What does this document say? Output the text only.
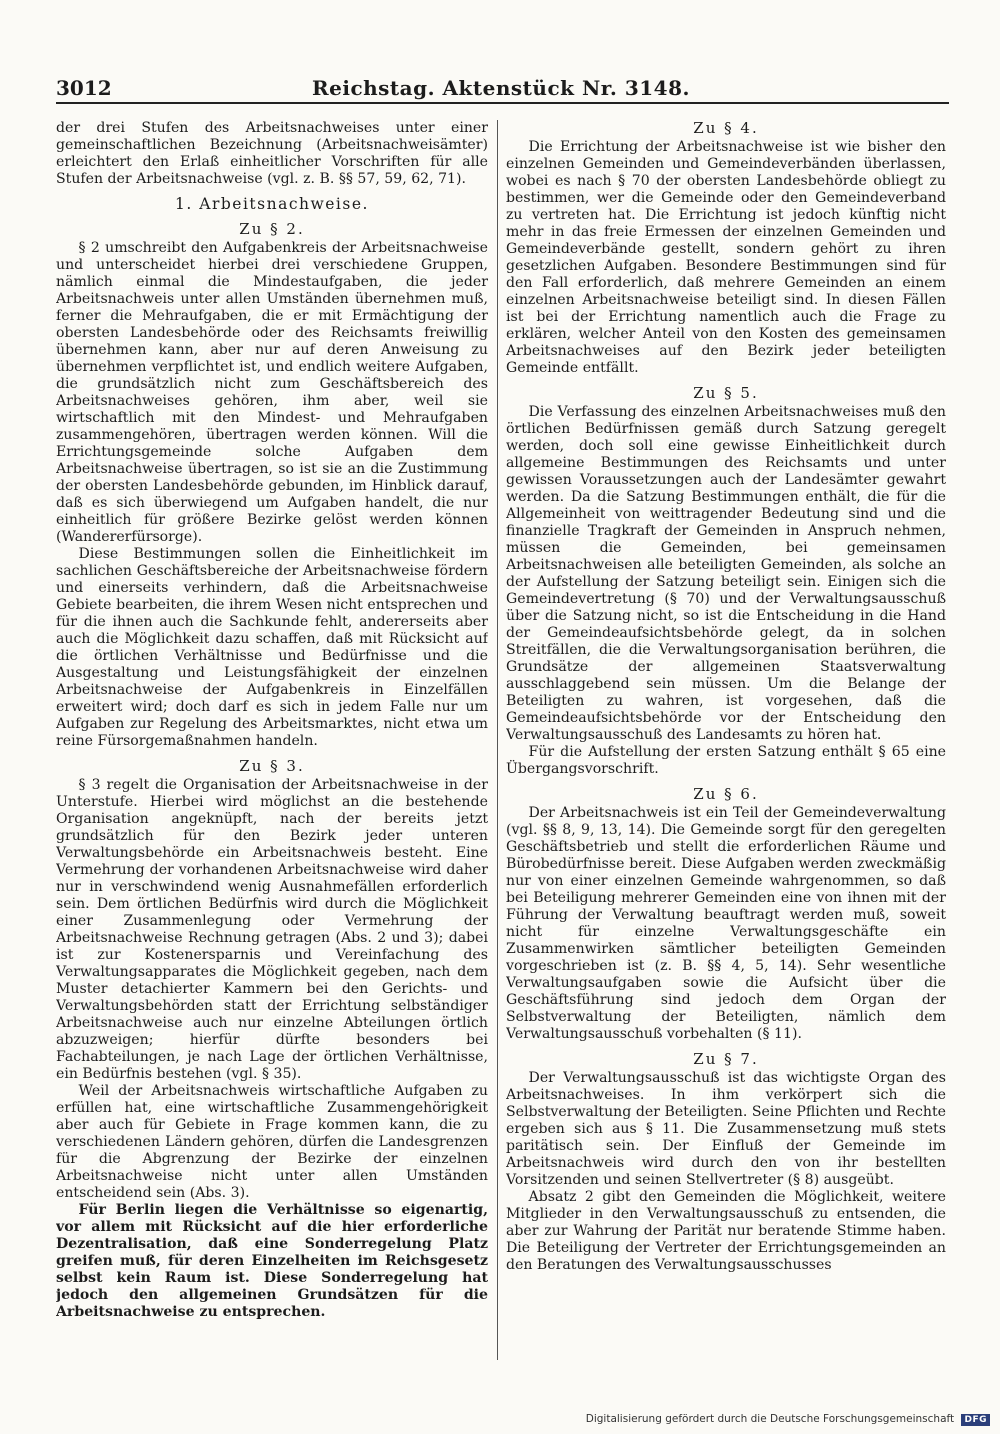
3012	Reichstag. Aktenstück Nr. 3148.

der drei Stufen des Arbeitsnachweises unter einer gemeinschaftlichen Bezeichnung (Arbeitsnachweisämter) erleichtert den Erlaß einheitlicher Vorschriften für alle Stufen der Arbeitsnachweise (vgl. z. B. §§ 57, 59, 62, 71).

1. Arbeitsnachweise.
Zu § 2.

§ 2 umschreibt den Aufgabenkreis der Arbeitsnachweise und unterscheidet hierbei drei verschiedene Gruppen, nämlich einmal die Mindestaufgaben, die jeder Arbeitsnachweis unter allen Umständen übernehmen muß, ferner die Mehraufgaben, die er mit Ermächtigung der obersten Landesbehörde oder des Reichsamts freiwillig übernehmen kann, aber nur auf deren Anweisung zu übernehmen verpflichtet ist, und endlich weitere Aufgaben, die grundsätzlich nicht zum Geschäftsbereich des Arbeitsnachweises gehören, ihm aber, weil sie wirtschaftlich mit den Mindest- und Mehraufgaben zusammengehören, übertragen werden können. Will die Errichtungsgemeinde solche Aufgaben dem Arbeitsnachweise übertragen, so ist sie an die Zustimmung der obersten Landesbehörde gebunden, im Hinblick darauf, daß es sich überwiegend um Aufgaben handelt, die nur einheitlich für größere Bezirke gelöst werden können (Wandererfürsorge).

Diese Bestimmungen sollen die Einheitlichkeit im sachlichen Geschäftsbereiche der Arbeitsnachweise fördern und einerseits verhindern, daß die Arbeitsnachweise Gebiete bearbeiten, die ihrem Wesen nicht entsprechen und für die ihnen auch die Sachkunde fehlt, andererseits aber auch die Möglichkeit dazu schaffen, daß mit Rücksicht auf die örtlichen Verhältnisse und Bedürfnisse und die Ausgestaltung und Leistungsfähigkeit der einzelnen Arbeitsnachweise der Aufgabenkreis in Einzelfällen erweitert wird; doch darf es sich in jedem Falle nur um Aufgaben zur Regelung des Arbeitsmarktes, nicht etwa um reine Fürsorgemaßnahmen handeln.

Zu § 3.

§ 3 regelt die Organisation der Arbeitsnachweise in der Unterstufe. Hierbei wird möglichst an die bestehende Organisation angeknüpft, nach der bereits jetzt grundsätzlich für den Bezirk jeder unteren Verwaltungsbehörde ein Arbeitsnachweis besteht. Eine Vermehrung der vorhandenen Arbeitsnachweise wird daher nur in verschwindend wenig Ausnahmefällen erforderlich sein. Dem örtlichen Bedürfnis wird durch die Möglichkeit einer Zusammenlegung oder Vermehrung der Arbeitsnachweise Rechnung getragen (Abs. 2 und 3); dabei ist zur Kostenersparnis und Vereinfachung des Verwaltungsapparates die Möglichkeit gegeben, nach dem Muster detachierter Kammern bei den Gerichts- und Verwaltungsbehörden statt der Errichtung selbständiger Arbeitsnachweise auch nur einzelne Abteilungen örtlich abzuzweigen; hierfür dürfte besonders bei Fachabteilungen, je nach Lage der örtlichen Verhältnisse, ein Bedürfnis bestehen (vgl. § 35).

Weil der Arbeitsnachweis wirtschaftliche Aufgaben zu erfüllen hat, eine wirtschaftliche Zusammengehörigkeit aber auch für Gebiete in Frage kommen kann, die zu verschiedenen Ländern gehören, dürfen die Landesgrenzen für die Abgrenzung der Bezirke der einzelnen Arbeitsnachweise nicht unter allen Umständen entscheidend sein (Abs. 3).

Für Berlin liegen die Verhältnisse so eigenartig, vor allem mit Rücksicht auf die hier erforderliche Dezentralisation, daß eine Sonderregelung Platz greifen muß, für deren Einzelheiten im Reichsgesetz selbst kein Raum ist. Diese Sonderregelung hat jedoch den allgemeinen Grundsätzen für die Arbeitsnachweise zu entsprechen.

Zu § 4.

Die Errichtung der Arbeitsnachweise ist wie bisher den einzelnen Gemeinden und Gemeindeverbänden überlassen, wobei es nach § 70 der obersten Landesbehörde obliegt zu bestimmen, wer die Gemeinde oder den Gemeindeverband zu vertreten hat. Die Errichtung ist jedoch künftig nicht mehr in das freie Ermessen der einzelnen Gemeinden und Gemeindeverbände gestellt, sondern gehört zu ihren gesetzlichen Aufgaben. Besondere Bestimmungen sind für den Fall erforderlich, daß mehrere Gemeinden an einem einzelnen Arbeitsnachweise beteiligt sind. In diesen Fällen ist bei der Errichtung namentlich auch die Frage zu erklären, welcher Anteil von den Kosten des gemeinsamen Arbeitsnachweises auf den Bezirk jeder beteiligten Gemeinde entfällt.

Zu § 5.

Die Verfassung des einzelnen Arbeitsnachweises muß den örtlichen Bedürfnissen gemäß durch Satzung geregelt werden, doch soll eine gewisse Einheitlichkeit durch allgemeine Bestimmungen des Reichsamts und unter gewissen Voraussetzungen auch der Landesämter gewahrt werden. Da die Satzung Bestimmungen enthält, die für die Allgemeinheit von weittragender Bedeutung sind und die finanzielle Tragkraft der Gemeinden in Anspruch nehmen, müssen die Gemeinden, bei gemeinsamen Arbeitsnachweisen alle beteiligten Gemeinden, als solche an der Aufstellung der Satzung beteiligt sein. Einigen sich die Gemeindevertretung (§ 70) und der Verwaltungsausschuß über die Satzung nicht, so ist die Entscheidung in die Hand der Gemeindeaufsichtsbehörde gelegt, da in solchen Streitfällen, die die Verwaltungsorganisation berühren, die Grundsätze der allgemeinen Staatsverwaltung ausschlaggebend sein müssen. Um die Belange der Beteiligten zu wahren, ist vorgesehen, daß die Gemeindeaufsichtsbehörde vor der Entscheidung den Verwaltungsausschuß des Landesamts zu hören hat.

Für die Aufstellung der ersten Satzung enthält § 65 eine Übergangsvorschrift.

Zu § 6.

Der Arbeitsnachweis ist ein Teil der Gemeindeverwaltung (vgl. §§ 8, 9, 13, 14). Die Gemeinde sorgt für den geregelten Geschäftsbetrieb und stellt die erforderlichen Räume und Bürobedürfnisse bereit. Diese Aufgaben werden zweckmäßig nur von einer einzelnen Gemeinde wahrgenommen, so daß bei Beteiligung mehrerer Gemeinden eine von ihnen mit der Führung der Verwaltung beauftragt werden muß, soweit nicht für einzelne Verwaltungsgeschäfte ein Zusammenwirken sämtlicher beteiligten Gemeinden vorgeschrieben ist (z. B. §§ 4, 5, 14). Sehr wesentliche Verwaltungsaufgaben sowie die Aufsicht über die Geschäftsführung sind jedoch dem Organ der Selbstverwaltung der Beteiligten, nämlich dem Verwaltungsausschuß vorbehalten (§ 11).

Zu § 7.

Der Verwaltungsausschuß ist das wichtigste Organ des Arbeitsnachweises. In ihm verkörpert sich die Selbstverwaltung der Beteiligten. Seine Pflichten und Rechte ergeben sich aus § 11. Die Zusammensetzung muß stets paritätisch sein. Der Einfluß der Gemeinde im Arbeitsnachweis wird durch den von ihr bestellten Vorsitzenden und seinen Stellvertreter (§ 8) ausgeübt.

Absatz 2 gibt den Gemeinden die Möglichkeit, weitere Mitglieder in den Verwaltungsausschuß zu entsenden, die aber zur Wahrung der Parität nur beratende Stimme haben. Die Beteiligung der Vertreter der Errichtungsgemeinden an den Beratungen des Verwaltungsausschusses

Digitalisierung gefördert durch die Deutsche Forschungsgemeinschaft DFG
